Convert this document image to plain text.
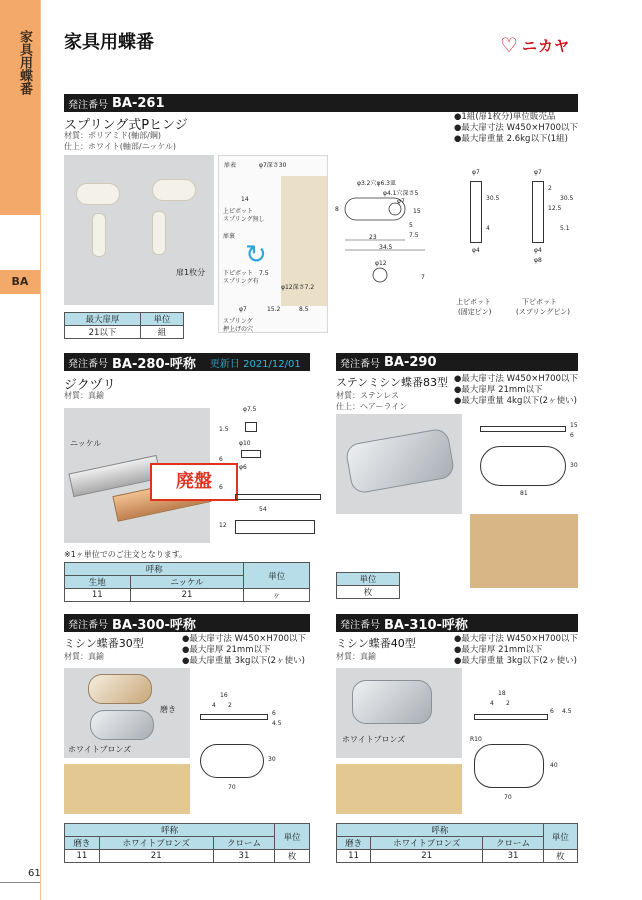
家具用蝶番
BA
家具用蝶番	♡ ニカヤ
発注番号 BA-261
スプリング式Pヒンジ
材質：ポリアミド(軸部/鋼)
仕上：ホワイト(軸部/ニッケル)
●1組(扉1枚分)単位販売品
●最大扉寸法 W450×H700以下
●最大扉重量 2.6kg以下(1組)
扉1枚分
最大扉厚	単位
21以下	組
扉表	φ7深さ30
上ピボット
スプリング無し
扉裏
下ピボット
スプリング有
φ12深さ7.2
スプリング
押上げの穴
φ7	15.2	8.5
7.5
14
↻
φ3.2穴φ6.3皿
φ4.1穴深さ5
φ7
15
5
7.5
8
23
34.5
φ12
7
φ7
30.5
4
φ4
φ7
2
12.5
30.5
5.1
φ4
φ8
上ピボット
(固定ピン)
下ピボット
(スプリングピン)
発注番号 BA-280-呼称 更新日 2021/12/01
ジクヅリ
材質：真鍮
ニッケル
廃盤
φ7.5
1.5
φ10
φ6
54
12
6
6
※1ヶ単位でのご注文となります。
呼称		単位
生地	ニッケル	
11	21	ヶ
発注番号 BA-290
ステンミシン蝶番83型
材質：ステンレス
仕上：ヘアーライン
●最大扉寸法 W450×H700以下
●最大扉厚 21mm以下
●最大扉重量 4kg以下(2ヶ使い)
15
6
30
81
単位
枚
発注番号 BA-300-呼称
ミシン蝶番30型
材質：真鍮
●最大扉寸法 W450×H700以下
●最大扉厚 21mm以下
●最大扉重量 3kg以下(2ヶ使い)
磨き
ホワイトブロンズ
16
4 2
6
4.5
30
70
呼称			単位
磨き	ホワイトブロンズ	クローム	
11	21	31	枚
発注番号 BA-310-呼称
ミシン蝶番40型
材質：真鍮
●最大扉寸法 W450×H700以下
●最大扉厚 21mm以下
●最大扉重量 3kg以下(2ヶ使い)
ホワイトブロンズ
18
4 2
6 4.5
R10
40
70
呼称			単位
磨き	ホワイトブロンズ	クローム	
11	21	31	枚
61
